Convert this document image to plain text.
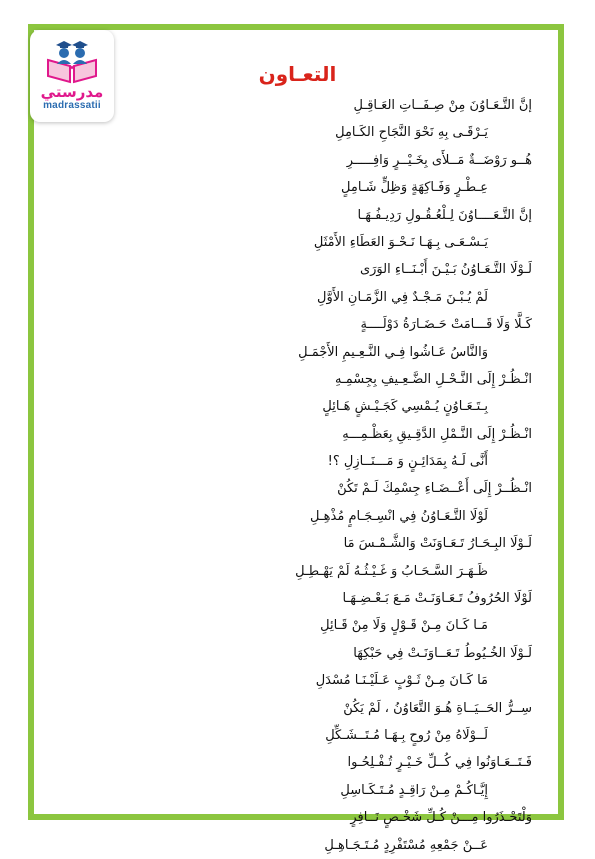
مدرستي
madrassatii
التعـاون
إنَّ التَّـعَـاوُنَ مِنْ صِـفَــاتِ العَـاقِـلِ
يَـرْقَـى بِهِ نَحْوَ النَّجَاحِ الكَـامِلِ
هُــو رَوْضَــةٌ مَــلأَى بِخَـيْــرٍ وَافِـــــرِ
عِـطْـرٍ وَفَـاكِهَةٍ وَظِلٍّ شَـامِلٍ
إنَّ التَّـعَــــاوُنَ لِـلْعُـقُـولِ رَدِيـفُـهَـا
يَـسْـعَـى بِـهَـا نَـحْـوَ العَطَاءِ الأَمْثَلِ
لَـوْلَا التَّـعَـاوُنُ بَـيْـنَ أَبْـنَــاءِ الوَرَى
لَمْ يُـبْـنَ مَـجْـدٌ فِي الزَّمَـانِ الأَوَّلِ
كَـلَّا وَلَا قَـــامَتْ حَـضَـارَةُ دَوْلَــــةٍ
وَالنَّاسُ عَـاشُوا فِـي النَّـعِـيمِ الأَجْمَـلِ
انْـظُـرْ إِلَى النَّـحْـلِ الضَّـعِـيفِ بِجِسْمِـهِ
بِـتَـعَـاوُنٍ يُـمْسِي كَجَـيْـشٍ هَـائِلٍ
انْـظُـرْ إِلَى النَّـمْلِ الدَّقِـيقِ بِعَظْـمِـــهِ
أَنَّى لَـهُ بِمَدَائِـنٍ وَ مَـــنَــازِلِ ؟!
انْـظُــرْ إِلَى أَعْــضَـاءِ جِسْمِكَ لَـمْ تَكُنْ
لَوْلَا التَّـعَـاوُنُ فِي انْسِـجَـامٍ مُذْهِـلِ
لَـوْلَا البِـحَـارُ تَـعَـاوَنَتْ وَالشَّـمْـسَ مَا
ظَـهَـرَ السَّـحَـابُ وَ غَـيْـثُـهُ لَمْ يَهْـطِـلِ
لَوْلَا الحُرُوفُ تَـعَـاوَنَـتْ مَـعَ بَـعْـضِـهَـا
مَـا كَـانَ مِـنْ قَـوْلٍ وَلَا مِنْ قَـائِلِ
لَـوْلَا الخُـيُوطُ تَـعَــاوَنَـتْ فِي حَبْكِهَا
مَا كَـانَ مِـنْ ثَـوْبٍ عَـلَيْـنَـا مُسْدَلِ
سِــرُّ الحَــيَــاةِ هُـوَ التَّعَاوُنُ ، لَمْ يَكُنْ
لَــوْلَاهُ مِنْ رُوحٍ بِـهَـا مُـتَــشَـكِّلِ
فَـتَــعَـاوَنُوا فِي كُــلِّ خَـيْـرٍ تُـفْـلِحُـوا
إِيَّـاكُـمْ مِـنْ رَاقِـدٍ مُـتَـكَـاسِلِ
وَلْتَحْـذَرُوا مِـــنْ كُـلِّ شَخْـصٍ نَــافِرٍ
عَــنْ جَمْعِهِ مُسْتَفْرِدٍ مُـتَـجَـاهِـلِ
